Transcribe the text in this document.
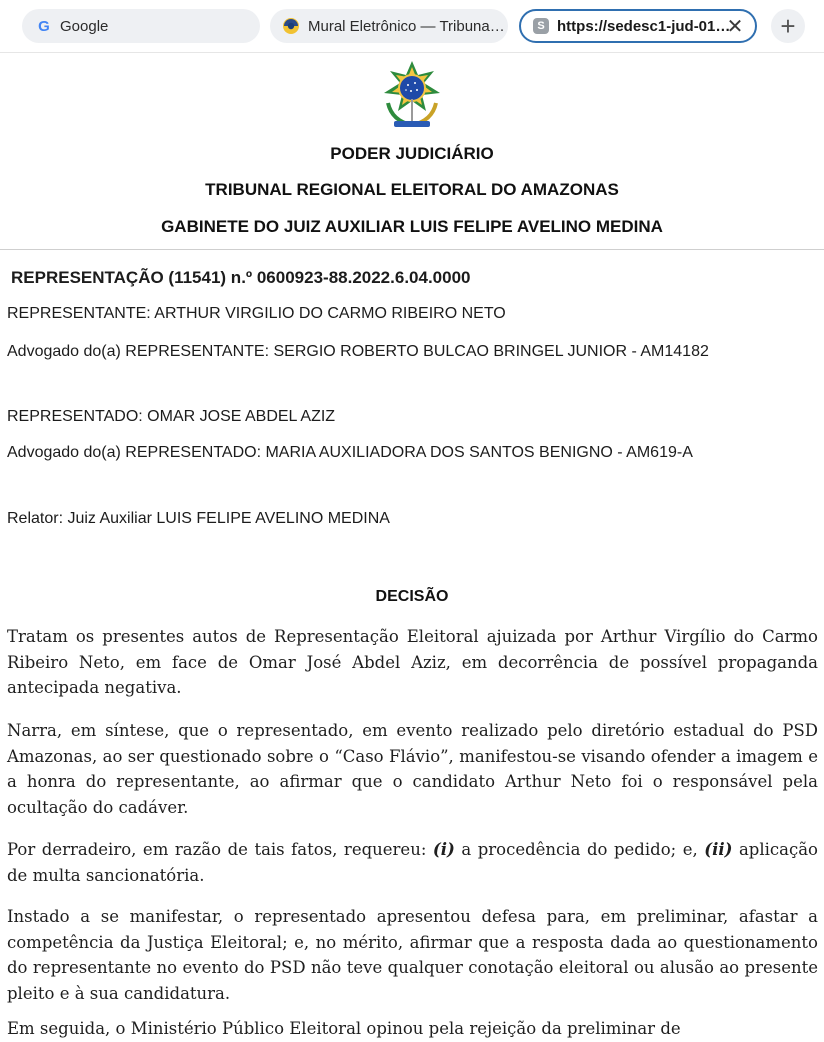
G Google	Mural Eletrônico — Tribuna…	S https://sedesc1-jud-01…
✕	+
PODER JUDICIÁRIO
TRIBUNAL REGIONAL ELEITORAL DO AMAZONAS
GABINETE DO JUIZ AUXILIAR LUIS FELIPE AVELINO MEDINA
REPRESENTAÇÃO (11541) n.º 0600923-88.2022.6.04.0000
REPRESENTANTE: ARTHUR VIRGILIO DO CARMO RIBEIRO NETO
Advogado do(a) REPRESENTANTE: SERGIO ROBERTO BULCAO BRINGEL JUNIOR - AM14182
REPRESENTADO: OMAR JOSE ABDEL AZIZ
Advogado do(a) REPRESENTADO: MARIA AUXILIADORA DOS SANTOS BENIGNO - AM619-A
Relator: Juiz Auxiliar LUIS FELIPE AVELINO MEDINA
DECISÃO

Tratam os presentes autos de Representação Eleitoral ajuizada por Arthur Virgílio do Carmo Ribeiro Neto, em face de Omar José Abdel Aziz, em decorrência de possível propaganda antecipada negativa.

Narra, em síntese, que o representado, em evento realizado pelo diretório estadual do PSD Amazonas, ao ser questionado sobre o “Caso Flávio”, manifestou-se visando ofender a imagem e a honra do representante, ao afirmar que o candidato Arthur Neto foi o responsável pela ocultação do cadáver.

Por derradeiro, em razão de tais fatos, requereu: (i) a procedência do pedido; e, (ii) aplicação de multa sancionatória.

Instado a se manifestar, o representado apresentou defesa para, em preliminar, afastar a competência da Justiça Eleitoral; e, no mérito, afirmar que a resposta dada ao questionamento do representante no evento do PSD não teve qualquer conotação eleitoral ou alusão ao presente pleito e à sua candidatura.

Em seguida, o Ministério Público Eleitoral opinou pela rejeição da preliminar de
